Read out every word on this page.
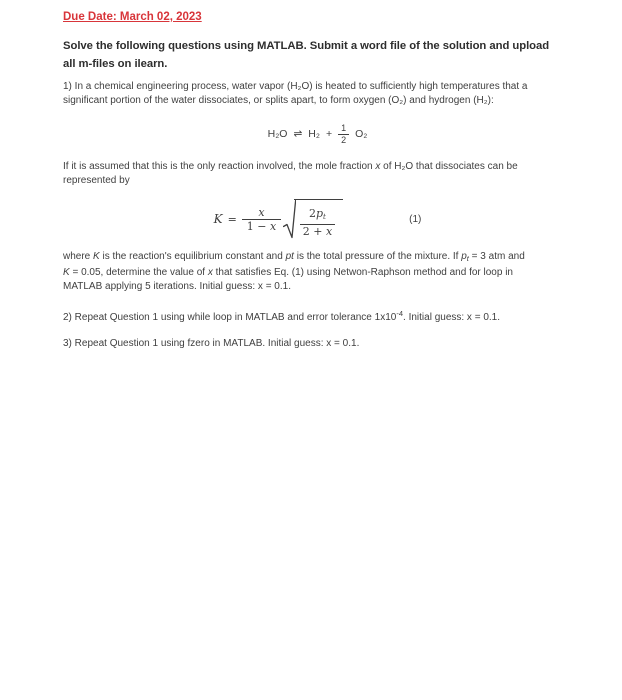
Due Date: March 02, 2023

Solve the following questions using MATLAB. Submit a word file of the solution and upload
all m-files on ilearn.

1) In a chemical engineering process, water vapor (H₂O) is heated to sufficiently high temperatures that a
significant portion of the water dissociates, or splits apart, to form oxygen (O₂) and hydrogen (H₂):

H₂O ⇌ $H_2 + \frac{1}{2} O_2$

If it is assumed that this is the only reaction involved, the mole fraction x of H₂O that dissociates can be
represented by

$K = \frac{x}{1 - x} \frac{2p_t}{2 + x}$	(1)

where K is the reaction's equilibrium constant and pt is the total pressure of the mixture. If $p_t = 3$ atm and
K = 0.05, determine the value of x that satisfies Eq. (1) using Netwon-Raphson method and for loop in
MATLAB applying 5 iterations. Initial guess: x = 0.1.

2) Repeat Question 1 using while loop in MATLAB and error tolerance $1x10^{-4}$. Initial guess: x = 0.1.

3) Repeat Question 1 using fzero in MATLAB. Initial guess: x = 0.1.
